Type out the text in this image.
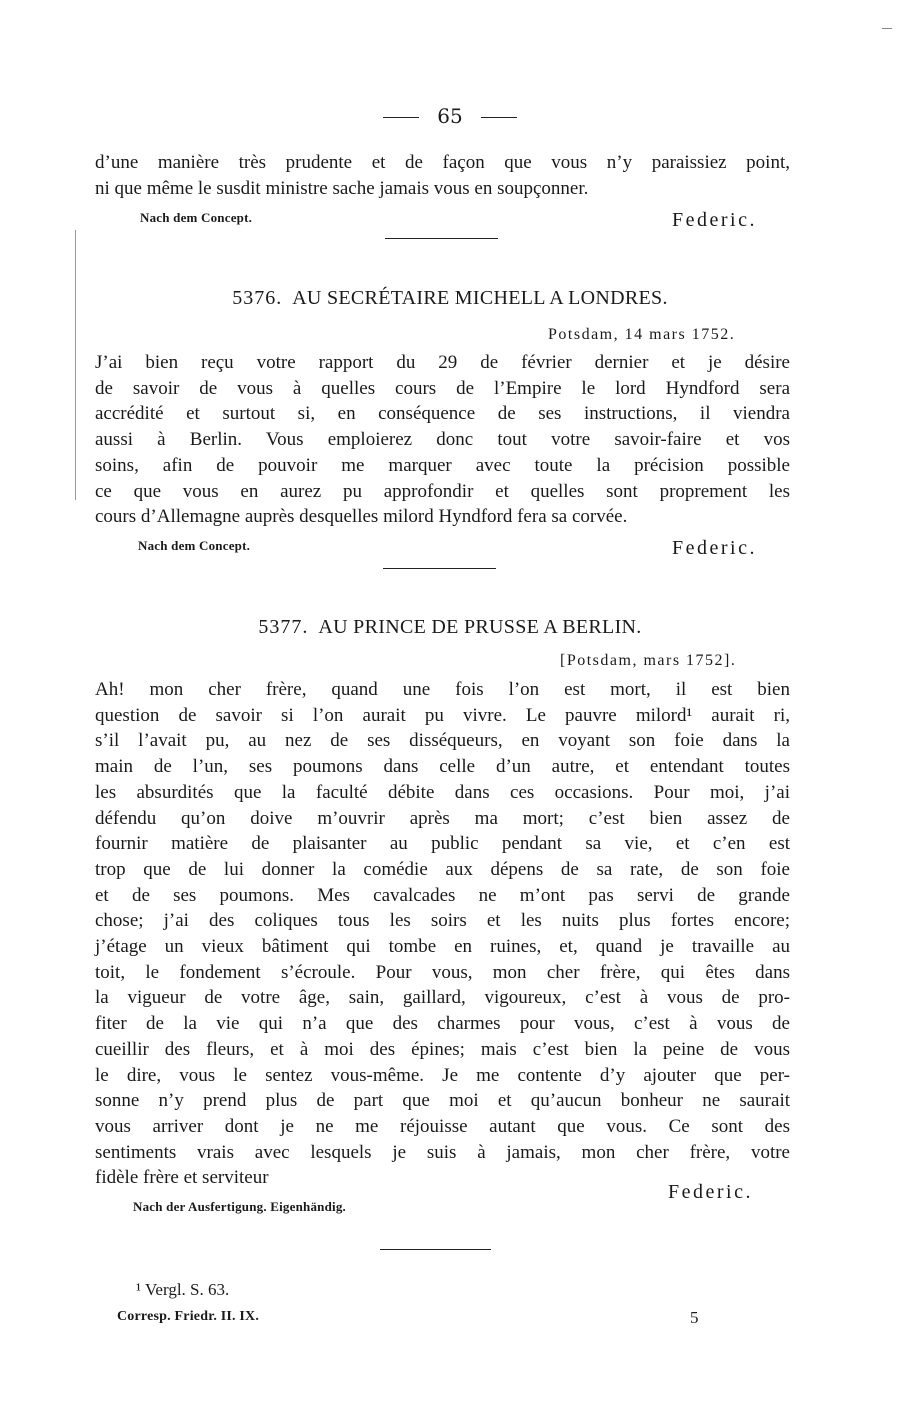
65
d’une manière très prudente et de façon que vous n’y paraissiez point,
ni que même le susdit ministre sache jamais vous en soupçonner.
Nach dem Concept.	Federic.
5376. AU SECRÉTAIRE MICHELL A LONDRES.
Potsdam, 14 mars 1752.
J’ai bien reçu votre rapport du 29 de février dernier et je désire
de savoir de vous à quelles cours de l’Empire le lord Hyndford sera
accrédité et surtout si, en conséquence de ses instructions, il viendra
aussi à Berlin. Vous emploierez donc tout votre savoir-faire et vos
soins, afin de pouvoir me marquer avec toute la précision possible
ce que vous en aurez pu approfondir et quelles sont proprement les
cours d’Allemagne auprès desquelles milord Hyndford fera sa corvée.
Nach dem Concept.	Federic.
5377. AU PRINCE DE PRUSSE A BERLIN.
[Potsdam, mars 1752].
Ah! mon cher frère, quand une fois l’on est mort, il est bien
question de savoir si l’on aurait pu vivre. Le pauvre milord¹ aurait ri,
s’il l’avait pu, au nez de ses disséqueurs, en voyant son foie dans la
main de l’un, ses poumons dans celle d’un autre, et entendant toutes
les absurdités que la faculté débite dans ces occasions. Pour moi, j’ai
défendu qu’on doive m’ouvrir après ma mort; c’est bien assez de
fournir matière de plaisanter au public pendant sa vie, et c’en est
trop que de lui donner la comédie aux dépens de sa rate, de son foie
et de ses poumons. Mes cavalcades ne m’ont pas servi de grande
chose; j’ai des coliques tous les soirs et les nuits plus fortes encore;
j’étage un vieux bâtiment qui tombe en ruines, et, quand je travaille au
toit, le fondement s’écroule. Pour vous, mon cher frère, qui êtes dans
la vigueur de votre âge, sain, gaillard, vigoureux, c’est à vous de pro-
fiter de la vie qui n’a que des charmes pour vous, c’est à vous de
cueillir des fleurs, et à moi des épines; mais c’est bien la peine de vous
le dire, vous le sentez vous-même. Je me contente d’y ajouter que per-
sonne n’y prend plus de part que moi et qu’aucun bonheur ne saurait
vous arriver dont je ne me réjouisse autant que vous. Ce sont des
sentiments vrais avec lesquels je suis à jamais, mon cher frère, votre
fidèle frère et serviteur
Federic.
Nach der Ausfertigung. Eigenhändig.
¹ Vergl. S. 63.
Corresp. Friedr. II. IX.	5
